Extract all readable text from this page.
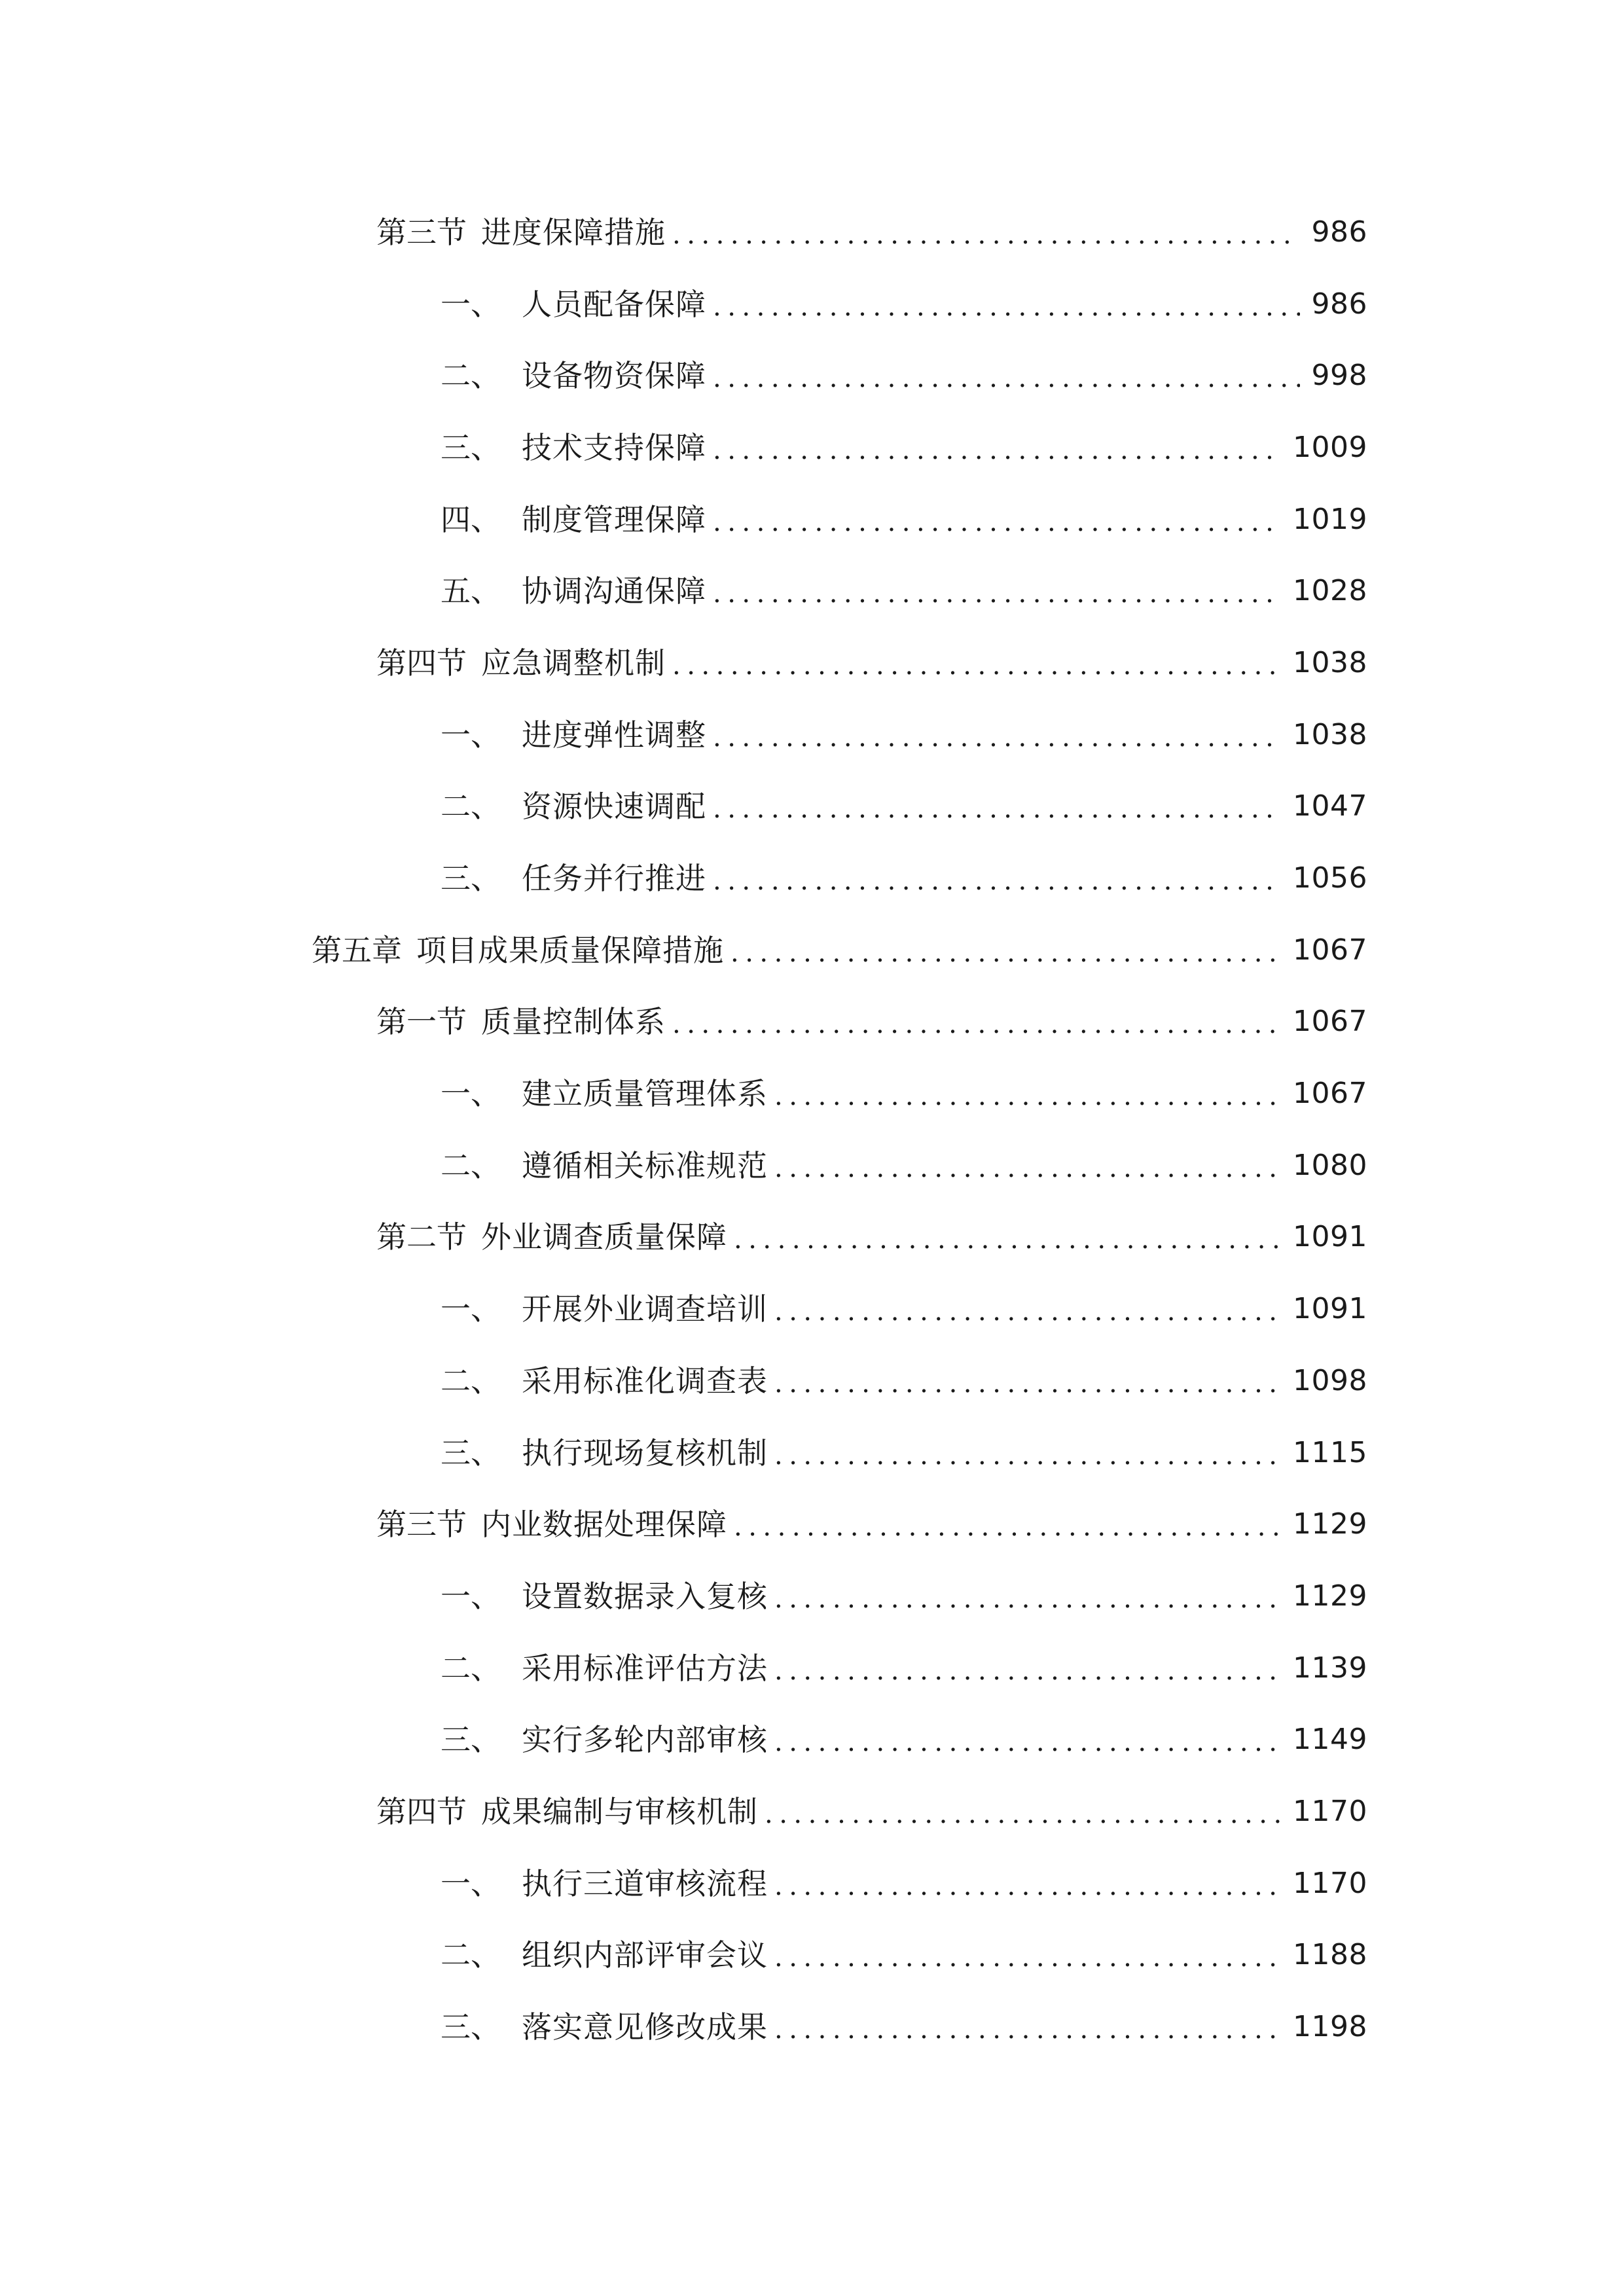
第三节 进度保障措施 .....	986
一、 人员配备保障 .....	986
二、 设备物资保障 .....	998
三、 技术支持保障 .....	1009
四、 制度管理保障 .....	1019
五、 协调沟通保障 .....	1028
第四节 应急调整机制 .....	1038
一、 进度弹性调整 .....	1038
二、 资源快速调配 .....	1047
三、 任务并行推进 .....	1056
第五章 项目成果质量保障措施 .....	1067
第一节 质量控制体系 .....	1067
一、 建立质量管理体系 .....	1067
二、 遵循相关标准规范 .....	1080
第二节 外业调查质量保障 .....	1091
一、 开展外业调查培训 .....	1091
二、 采用标准化调查表 .....	1098
三、 执行现场复核机制 .....	1115
第三节 内业数据处理保障 .....	1129
一、 设置数据录入复核 .....	1129
二、 采用标准评估方法 .....	1139
三、 实行多轮内部审核 .....	1149
第四节 成果编制与审核机制 .....	1170
一、 执行三道审核流程 .....	1170
二、 组织内部评审会议 .....	1188
三、 落实意见修改成果 .....	1198
